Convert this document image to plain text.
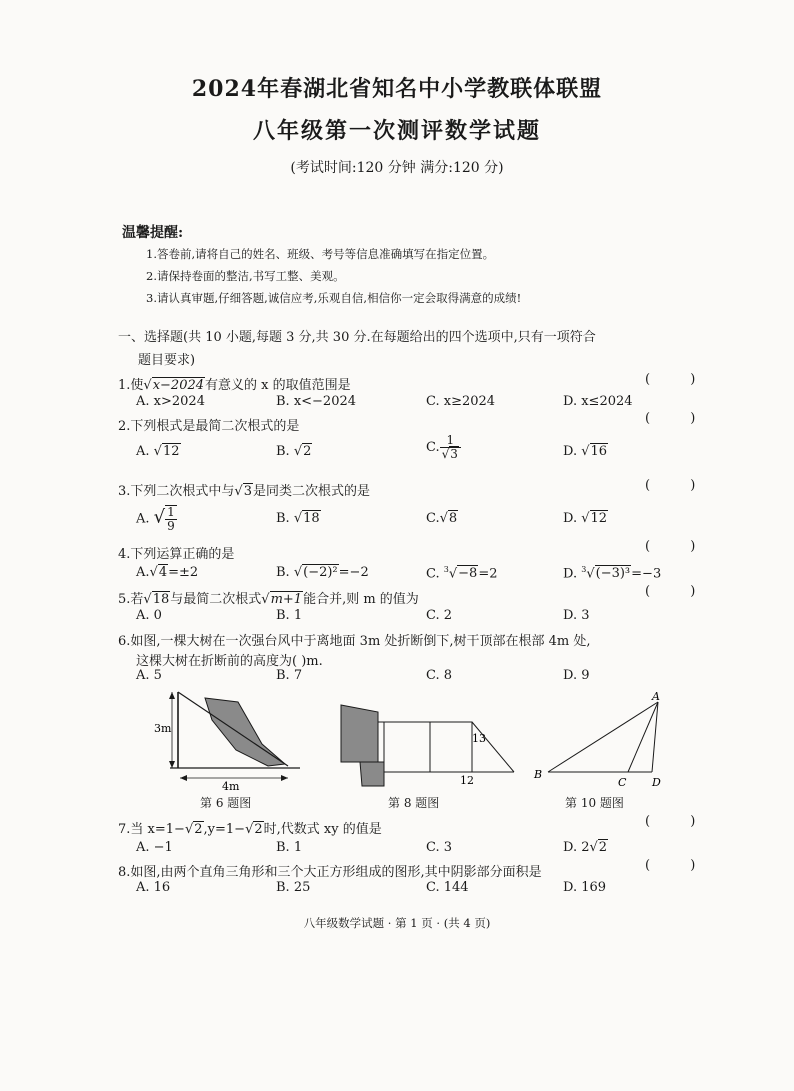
2024年春湖北省知名中小学教联体联盟
八年级第一次测评数学试题
(考试时间:120 分钟 满分:120 分)
温馨提醒:
1.答卷前,请将自己的姓名、班级、考号等信息准确填写在指定位置。
2.请保持卷面的整洁,书写工整、美观。
3.请认真审题,仔细答题,诚信应考,乐观自信,相信你一定会取得满意的成绩!
一、选择题(共 10 小题,每题 3 分,共 30 分.在每题给出的四个选项中,只有一项符合
题目要求)
1.使√x−2024有意义的 x 的取值范围是	( )
A. x>2024	B. x<−2024	C. x≥2024	D. x≤2024
2.下列根式是最简二次根式的是
( )
A. √12	B. √2	C. $\frac{1}{√3}$	D. √16
3.下列二次根式中与√3是同类二次根式的是	( )
A. √ $\frac{1}{9}$	B. √18	C.√8	D. √12
4.下列运算正确的是
( )
A.√4=±2	B. √(−2)²=−2	C. $^3$√−8=2	D. $^3$√(−3)³=−3
5.若√18与最简二次根式√m+1能合并,则 m 的值为
( )
A. 0	B. 1	C. 2	D. 3
6.如图,一棵大树在一次强台风中于离地面 3m 处折断倒下,树干顶部在根部 4m 处,
这棵大树在折断前的高度为( )m.
A. 5	B. 7	C. 8	D. 9
3m
4m
第 6 题图
13
12
第 8 题图
A
B
C D
第 10 题图
7.当 x=1−√2,y=1−√2时,代数式 xy 的值是
( )
A. −1	B. 1	C. 3	D. 2√2
8.如图,由两个直角三角形和三个大正方形组成的图形,其中阴影部分面积是	( )
A. 16	B. 25	C. 144	D. 169
八年级数学试题 · 第 1 页 · (共 4 页)
